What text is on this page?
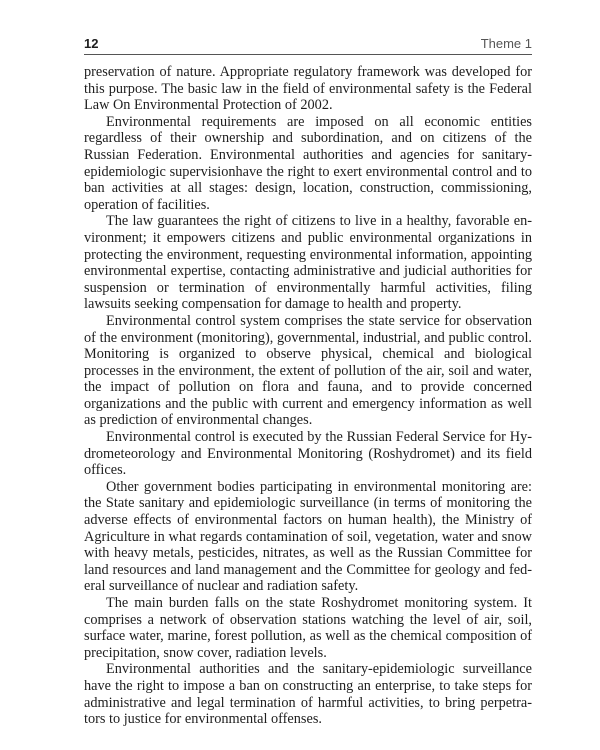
12	Theme 1

preservation of nature. Appropriate regulatory framework was developed for this purpose. The basic law in the field of environmental safety is the Federal Law On Environmental Protection of 2002.

Environmental requirements are imposed on all economic entities regardless of their ownership and subordination, and on citizens of the Russian Federation. Environmental authorities and agencies for sanitary-epidemiologic supervisionhave the right to exert environmental control and to ban activities at all stages: design, location, construction, commissioning, operation of facilities.

The law guarantees the right of citizens to live in a healthy, favorable environment; it empowers citizens and public environmental organizations in protecting the environment, requesting environmental information, appointing environmental expertise, contacting administrative and judicial authorities for suspension or termination of environmentally harmful activities, filing lawsuits seeking compensation for damage to health and property.

Environmental control system comprises the state service for observation of the environment (monitoring), governmental, industrial, and public control. Monitoring is organized to observe physical, chemical and biological processes in the environment, the extent of pollution of the air, soil and water, the impact of pollution on flora and fauna, and to provide concerned organizations and the public with current and emergency information as well as prediction of environmental changes.

Environmental control is executed by the Russian Federal Service for Hydrometeorology and Environmental Monitoring (Roshydromet) and its field offices.

Other government bodies participating in environmental monitoring are: the State sanitary and epidemiologic surveillance (in terms of monitoring the adverse effects of environmental factors on human health), the Ministry of Agriculture in what regards contamination of soil, vegetation, water and snow with heavy metals, pesticides, nitrates, as well as the Russian Committee for land resources and land management and the Committee for geology and federal surveillance of nuclear and radiation safety.

The main burden falls on the state Roshydromet monitoring system. It comprises a network of observation stations watching the level of air, soil, surface water, marine, forest pollution, as well as the chemical composition of precipitation, snow cover, radiation levels.

Environmental authorities and the sanitary-epidemiologic surveillance have the right to impose a ban on constructing an enterprise, to take steps for administrative and legal termination of harmful activities, to bring perpetrators to justice for environmental offenses.
